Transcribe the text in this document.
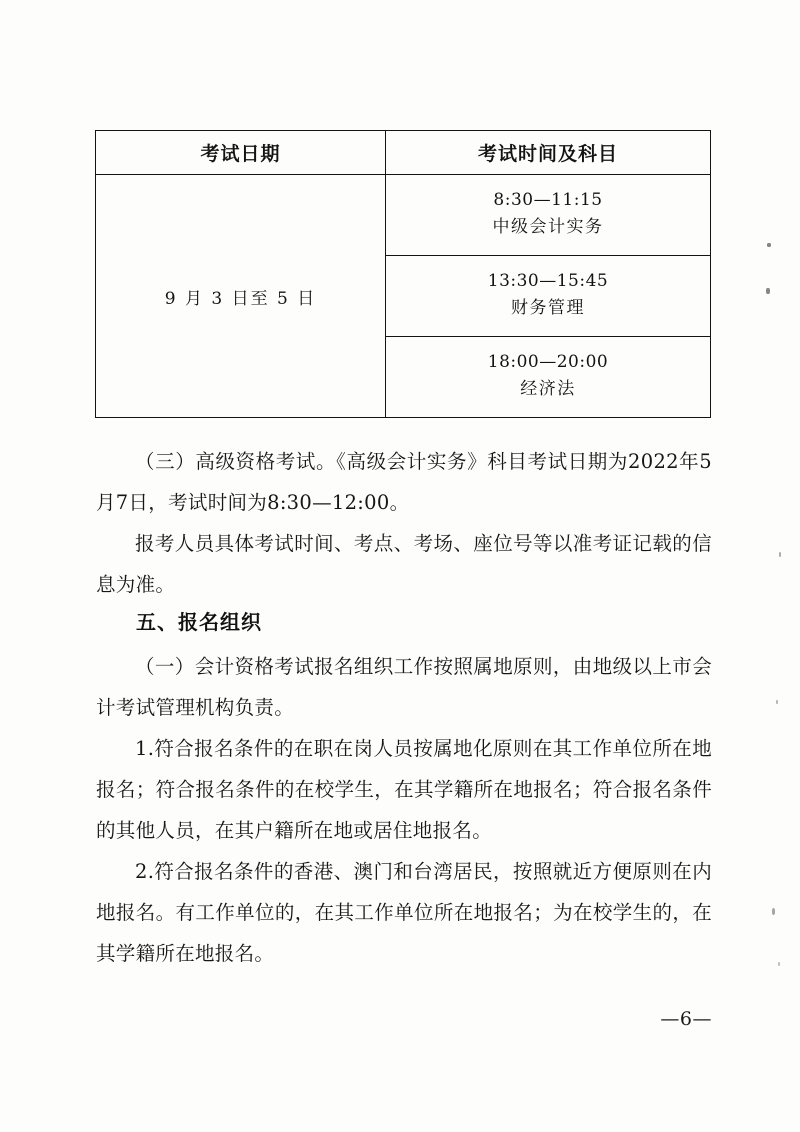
考试日期	考试时间及科目
9 月 3 日至 5 日	8:30—11:15
中级会计实务

	13:30—15:45
财务管理

	18:00—20:00
经济法

（三）高级资格考试。《高级会计实务》科目考试日期为2022年5月7日，考试时间为8:30—12:00。

报考人员具体考试时间、考点、考场、座位号等以准考证记载的信息为准。

五、报名组织

（一）会计资格考试报名组织工作按照属地原则，由地级以上市会计考试管理机构负责。

1.符合报名条件的在职在岗人员按属地化原则在其工作单位所在地报名；符合报名条件的在校学生，在其学籍所在地报名；符合报名条件的其他人员，在其户籍所在地或居住地报名。

2.符合报名条件的香港、澳门和台湾居民，按照就近方便原则在内地报名。有工作单位的，在其工作单位所在地报名；为在校学生的，在其学籍所在地报名。

—6—
